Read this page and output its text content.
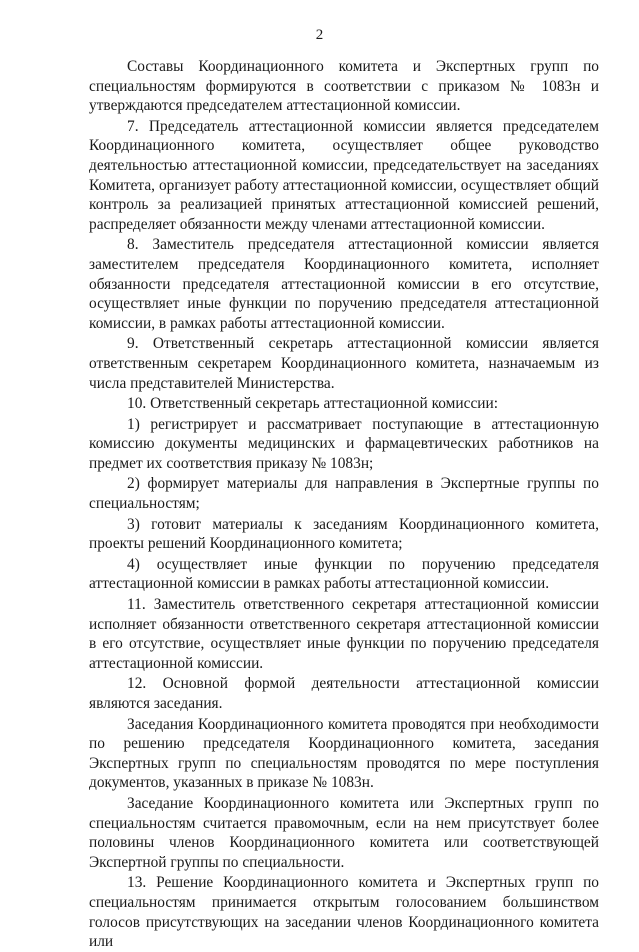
2

Составы Координационного комитета и Экспертных групп по специальностям формируются в соответствии с приказом № 1083н и утверждаются председателем аттестационной комиссии.

7. Председатель аттестационной комиссии является председателем Координационного комитета, осуществляет общее руководство деятельностью аттестационной комиссии, председательствует на заседаниях Комитета, организует работу аттестационной комиссии, осуществляет общий контроль за реализацией принятых аттестационной комиссией решений, распределяет обязанности между членами аттестационной комиссии.

8. Заместитель председателя аттестационной комиссии является заместителем председателя Координационного комитета, исполняет обязанности председателя аттестационной комиссии в его отсутствие, осуществляет иные функции по поручению председателя аттестационной комиссии, в рамках работы аттестационной комиссии.

9. Ответственный секретарь аттестационной комиссии является ответственным секретарем Координационного комитета, назначаемым из числа представителей Министерства.

10. Ответственный секретарь аттестационной комиссии:

1) регистрирует и рассматривает поступающие в аттестационную комиссию документы медицинских и фармацевтических работников на предмет их соответствия приказу № 1083н;

2) формирует материалы для направления в Экспертные группы по специальностям;

3) готовит материалы к заседаниям Координационного комитета, проекты решений Координационного комитета;

4) осуществляет иные функции по поручению председателя аттестационной комиссии в рамках работы аттестационной комиссии.

11. Заместитель ответственного секретаря аттестационной комиссии исполняет обязанности ответственного секретаря аттестационной комиссии в его отсутствие, осуществляет иные функции по поручению председателя аттестационной комиссии.

12. Основной формой деятельности аттестационной комиссии являются заседания.

Заседания Координационного комитета проводятся при необходимости по решению председателя Координационного комитета, заседания Экспертных групп по специальностям проводятся по мере поступления документов, указанных в приказе № 1083н.

Заседание Координационного комитета или Экспертных групп по специальностям считается правомочным, если на нем присутствует более половины членов Координационного комитета или соответствующей Экспертной группы по специальности.

13. Решение Координационного комитета и Экспертных групп по специальностям принимается открытым голосованием большинством голосов присутствующих на заседании членов Координационного комитета или
